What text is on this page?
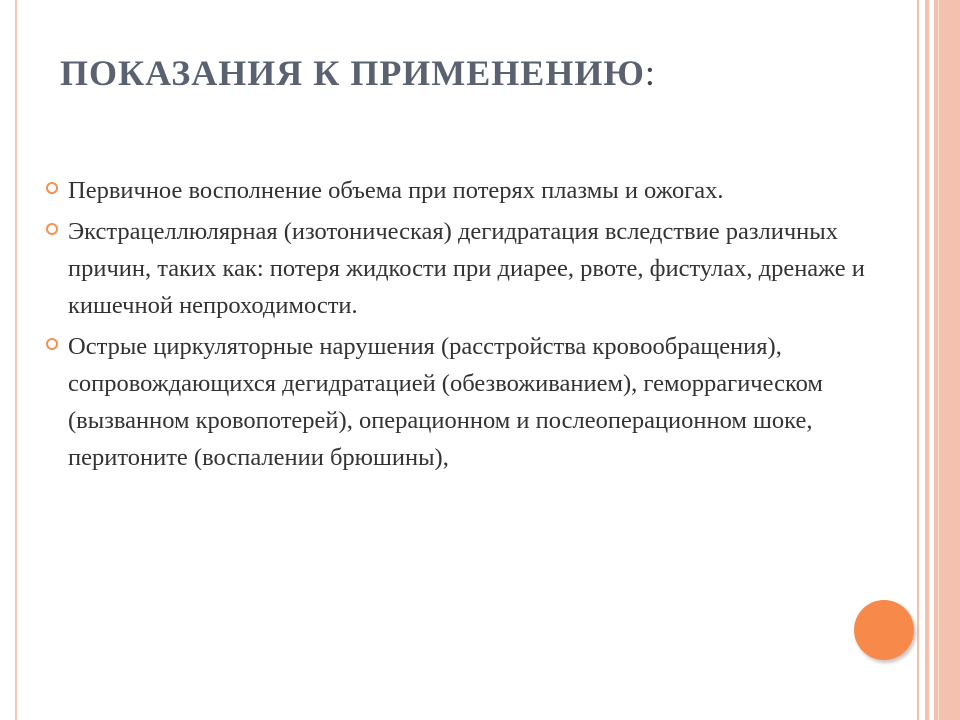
ПОКАЗАНИЯ К ПРИМЕНЕНИЮ:
Первичное восполнение объема при потерях плазмы и ожогах.
Экстрацеллюлярная (изотоническая) дегидратация вследствие различных причин, таких как: потеря жидкости при диарее, рвоте, фистулах, дренаже и кишечной непроходимости.
Острые циркуляторные нарушения (расстройства кровообращения), сопровождающихся дегидратацией (обезвоживанием), геморрагическом (вызванном кровопотерей), операционном и послеоперационном шоке, перитоните (воспалении брюшины),
